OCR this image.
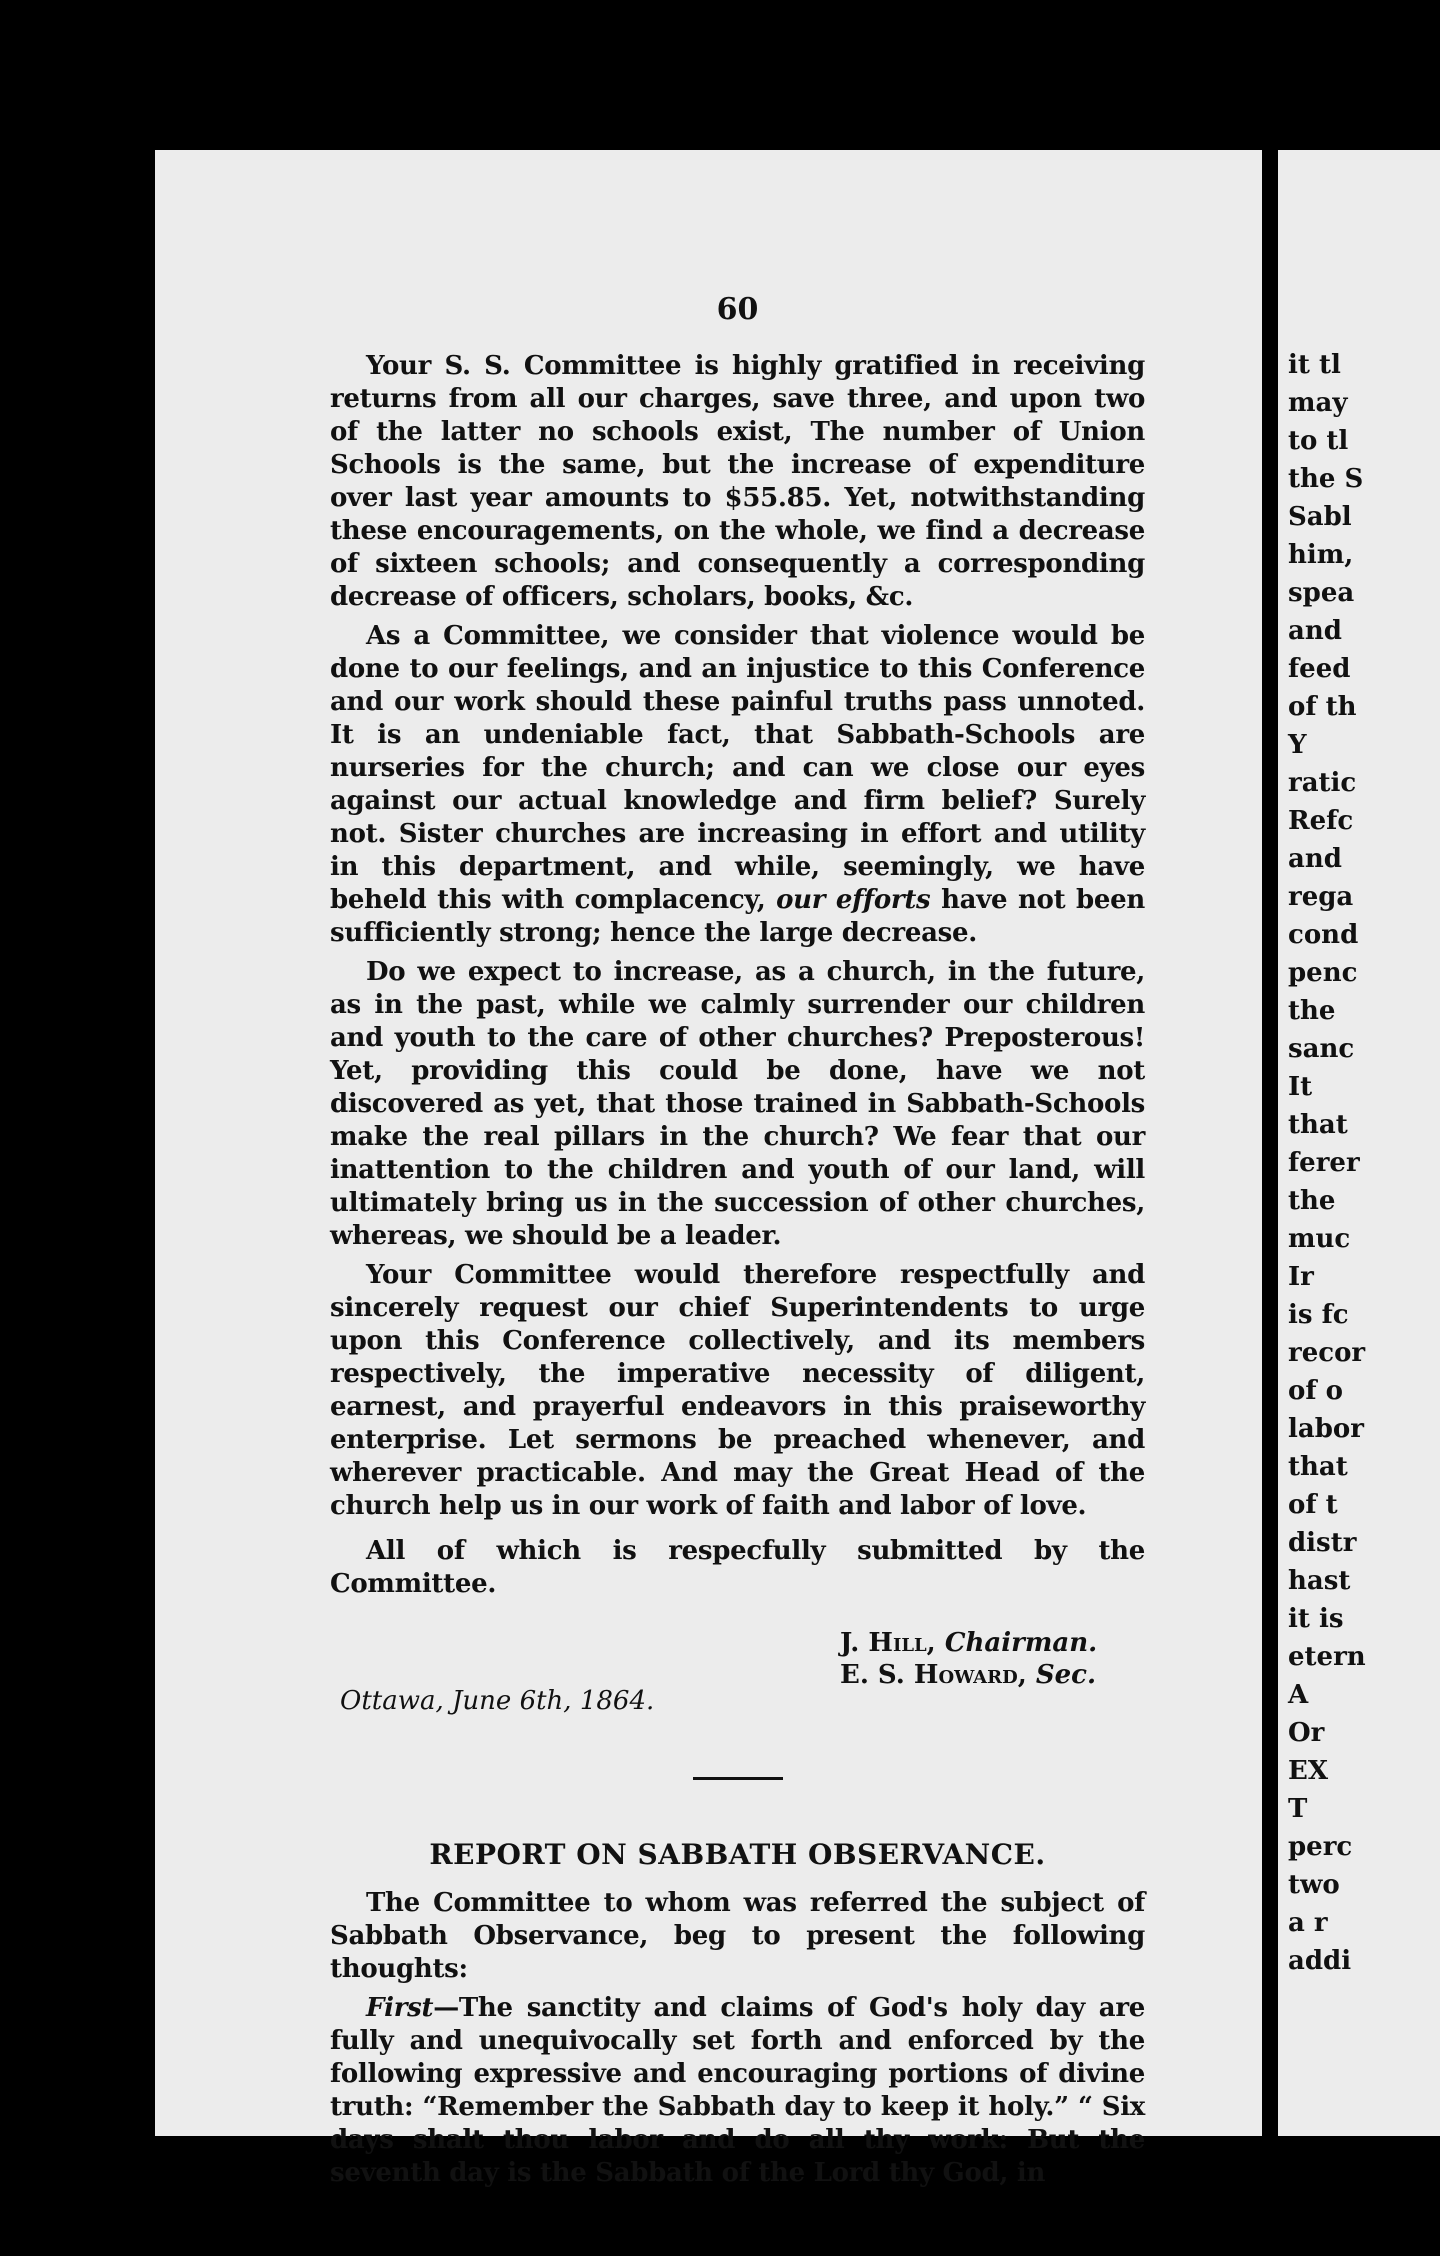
it tl
may
to tl
the S
Sabl
him,
spea
and
feed
of th
Y
ratic
Refc
and
rega
cond
penc
the
sanc
It
that
ferer
the
muc
Ir
is fc
recor
of o
labor
that
of t
distr
hast
it is
etern
A
Or
EX
T
perc
two
a r
addi
60

Your S. S. Committee is highly gratified in receiving returns from all our charges, save three, and upon two of the latter no schools exist, The number of Union Schools is the same, but the increase of expenditure over last year amounts to $55.85. Yet, notwithstanding these encouragements, on the whole, we find a decrease of sixteen schools; and consequently a corresponding decrease of officers, scholars, books, &c.

As a Committee, we consider that violence would be done to our feelings, and an injustice to this Conference and our work should these painful truths pass unnoted. It is an undeniable fact, that Sabbath-Schools are nurseries for the church; and can we close our eyes against our actual knowledge and firm belief? Surely not. Sister churches are increasing in effort and utility in this department, and while, seemingly, we have beheld this with complacency, our efforts have not been sufficiently strong; hence the large decrease.

Do we expect to increase, as a church, in the future, as in the past, while we calmly surrender our children and youth to the care of other churches? Preposterous! Yet, providing this could be done, have we not discovered as yet, that those trained in Sabbath-Schools make the real pillars in the church? We fear that our inattention to the children and youth of our land, will ultimately bring us in the succession of other churches, whereas, we should be a leader.

Your Committee would therefore respectfully and sincerely request our chief Superintendents to urge upon this Conference collectively, and its members respectively, the imperative necessity of diligent, earnest, and prayerful endeavors in this praiseworthy enterprise. Let sermons be preached whenever, and wherever practicable. And may the Great Head of the church help us in our work of faith and labor of love.

All of which is respecfully submitted by the Committee.

J. Hill, Chairman.
E. S. Howard, Sec.
Ottawa, June 6th, 1864.
REPORT ON SABBATH OBSERVANCE.

The Committee to whom was referred the subject of Sabbath Observance, beg to present the following thoughts:

First—The sanctity and claims of God's holy day are fully and unequivocally set forth and enforced by the following expressive and encouraging portions of divine truth: “Remember the Sabbath day to keep it holy.” “ Six days shalt thou labor and do all thy work: But the seventh day is the Sabbath of the Lord thy God, in
